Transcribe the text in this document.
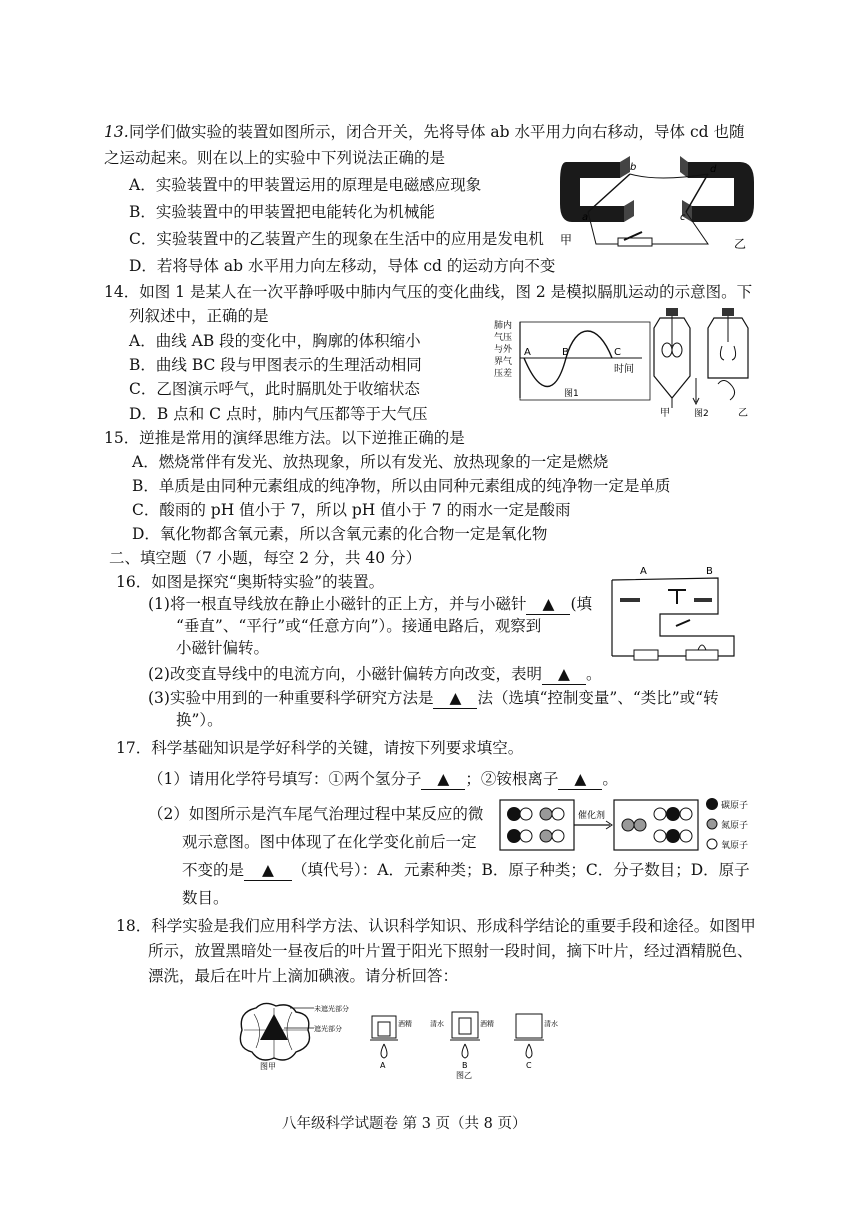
13. 同学们做实验的装置如图所示，闭合开关，先将导体 ab 水平用力向右移动，导体 cd 也随
之运动起来。则在以上的实验中下列说法正确的是
A．实验装置中的甲装置运用的原理是电磁感应现象
B．实验装置中的甲装置把电能转化为机械能
C．实验装置中的乙装置产生的现象在生活中的应用是发电机
D．若将导体 ab 水平用力向左移动，导体 cd 的运动方向不变
a
b
c
d
甲	乙
14．如图 1 是某人在一次平静呼吸中肺内气压的变化曲线，图 2 是模拟膈肌运动的示意图。下
列叙述中，正确的是
A．曲线 AB 段的变化中，胸廓的体积缩小
B．曲线 BC 段与甲图表示的生理活动相同
C．乙图演示呼气，此时膈肌处于收缩状态
D．B 点和 C 点时，肺内气压都等于大气压
肺内
气压
与外
界气
压差
A	B	C
时间
图1
甲	图2	乙
15．逆推是常用的演绎思维方法。以下逆推正确的是
A．燃烧常伴有发光、放热现象，所以有发光、放热现象的一定是燃烧
B．单质是由同种元素组成的纯净物，所以由同种元素组成的纯净物一定是单质
C．酸雨的 pH 值小于 7，所以 pH 值小于 7 的雨水一定是酸雨
D．氧化物都含氧元素，所以含氧元素的化合物一定是氧化物
二、填空题（7 小题，每空 2 分，共 40 分）
16．如图是探究“奥斯特实验”的装置。
(1)将一根直导线放在静止小磁针的正上方，并与小磁针 ▲ (填
“垂直”、“平行”或“任意方向”）。接通电路后，观察到
小磁针偏转。
(2)改变直导线中的电流方向，小磁针偏转方向改变，表明 ▲ 。
(3)实验中用到的一种重要科学研究方法是 ▲ 法（选填“控制变量”、“类比”或“转
换”）。
A	B
17．科学基础知识是学好科学的关键，请按下列要求填空。
（1）请用化学符号填写：①两个氢分子 ▲ ；②铵根离子 ▲ 。
（2）如图所示是汽车尾气治理过程中某反应的微
观示意图。图中体现了在化学变化前后一定
不变的是 ▲ （填代号）：A．元素种类；B．原子种类；C．分子数目；D．原子
数目。
催化剂
碳原子
氮原子
氧原子
18．科学实验是我们应用科学方法、认识科学知识、形成科学结论的重要手段和途径。如图甲
所示，放置黑暗处一昼夜后的叶片置于阳光下照射一段时间，摘下叶片，经过酒精脱色、
漂洗，最后在叶片上滴加碘液。请分析回答：
未遮光部分
遮光部分
图甲
酒精
A
清水	酒精
B
图乙
清水
C
八年级科学试题卷 第 3 页（共 8 页）
